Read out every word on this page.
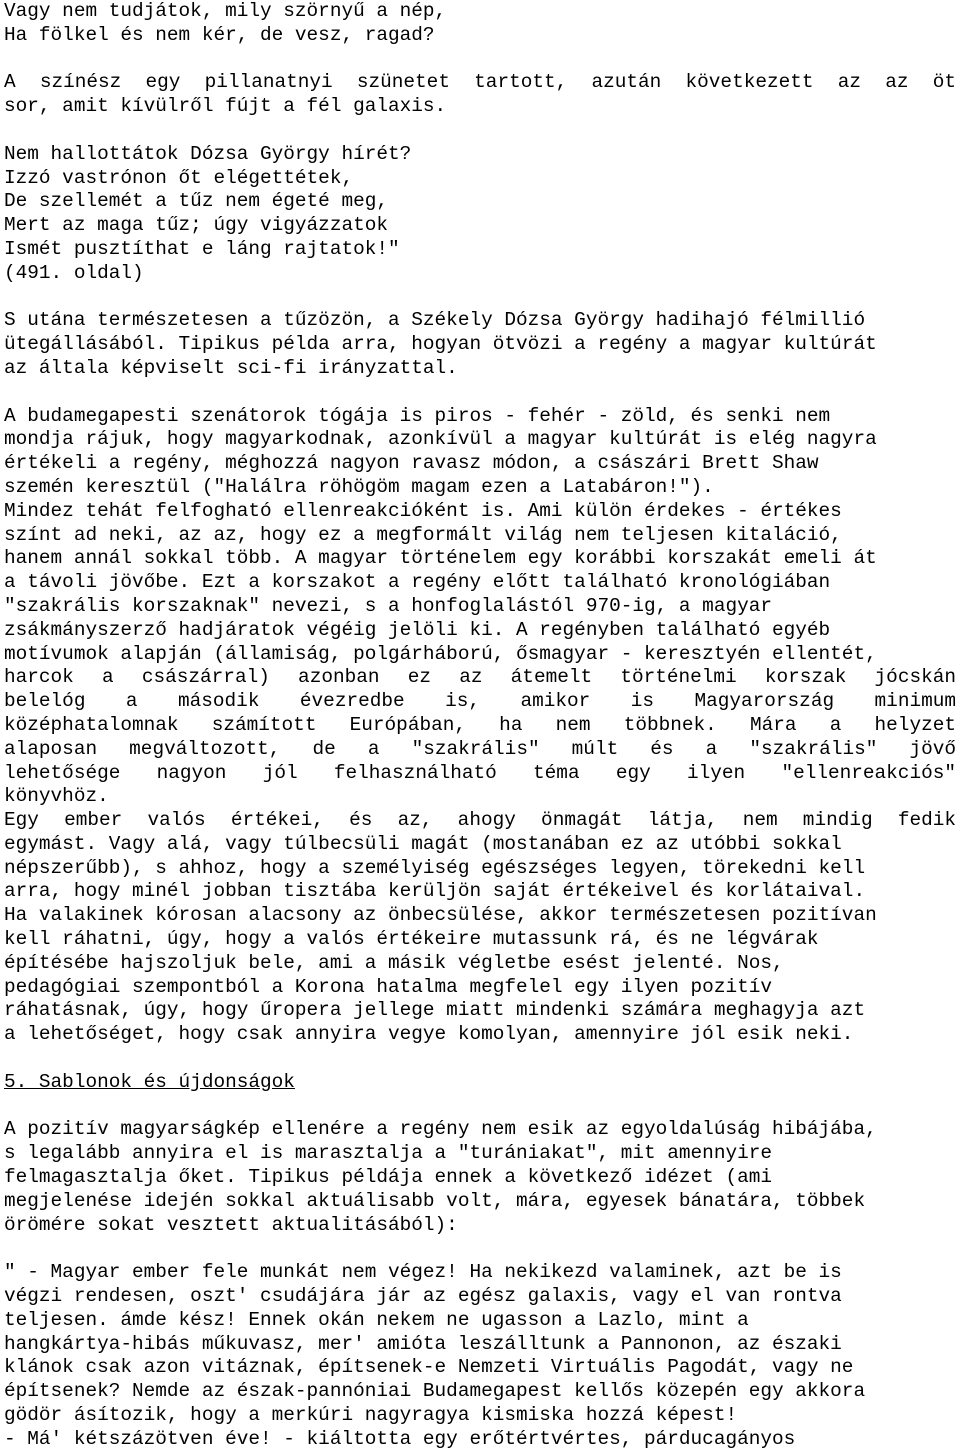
Vagy nem tudjátok, mily szörnyű a nép,
Ha fölkel és nem kér, de vesz, ragad?
A színész egy pillanatnyi szünetet tartott, azután következett az az öt
sor, amit kívülről fújt a fél galaxis.
Nem hallottátok Dózsa György hírét?
Izzó vastrónon őt elégettétek,
De szellemét a tűz nem égeté meg,
Mert az maga tűz; úgy vigyázzatok
Ismét pusztíthat e láng rajtatok!"
(491. oldal)
S utána természetesen a tűzözön, a Székely Dózsa György hadihajó félmillió
ütegállásából. Tipikus példa arra, hogyan ötvözi a regény a magyar kultúrát
az általa képviselt sci-fi irányzattal.
A budamegapesti szenátorok tógája is piros - fehér - zöld, és senki nem
mondja rájuk, hogy magyarkodnak, azonkívül a magyar kultúrát is elég nagyra
értékeli a regény, méghozzá nagyon ravasz módon, a császári Brett Shaw
szemén keresztül ("Halálra röhögöm magam ezen a Latabáron!").
Mindez tehát felfogható ellenreakcióként is. Ami külön érdekes - értékes
színt ad neki, az az, hogy ez a megformált világ nem teljesen kitaláció,
hanem annál sokkal több. A magyar történelem egy korábbi korszakát emeli át
a távoli jövőbe. Ezt a korszakot a regény előtt található kronológiában
"szakrális korszaknak" nevezi, s a honfoglalástól 970-ig, a magyar
zsákmányszerző hadjáratok végéig jelöli ki. A regényben található egyéb
motívumok alapján (államiság, polgárháború, ősmagyar - keresztyén ellentét,
harcok a császárral) azonban ez az átemelt történelmi korszak jócskán
belelóg a második évezredbe is, amikor is Magyarország minimum
középhatalomnak számított Európában, ha nem többnek. Mára a helyzet
alaposan megváltozott, de a "szakrális" múlt és a "szakrális" jövő
lehetősége nagyon jól felhasználható téma egy ilyen "ellenreakciós"
könyvhöz.
Egy ember valós értékei, és az, ahogy önmagát látja, nem mindig fedik
egymást. Vagy alá, vagy túlbecsüli magát (mostanában ez az utóbbi sokkal
népszerűbb), s ahhoz, hogy a személyiség egészséges legyen, törekedni kell
arra, hogy minél jobban tisztába kerüljön saját értékeivel és korlátaival.
Ha valakinek kórosan alacsony az önbecsülése, akkor természetesen pozitívan
kell ráhatni, úgy, hogy a valós értékeire mutassunk rá, és ne légvárak
építésébe hajszoljuk bele, ami a másik végletbe esést jelenté. Nos,
pedagógiai szempontból a Korona hatalma megfelel egy ilyen pozitív
ráhatásnak, úgy, hogy űropera jellege miatt mindenki számára meghagyja azt
a lehetőséget, hogy csak annyira vegye komolyan, amennyire jól esik neki.
5. Sablonok és újdonságok
A pozitív magyarságkép ellenére a regény nem esik az egyoldalúság hibájába,
s legalább annyira el is marasztalja a "turániakat", mit amennyire
felmagasztalja őket. Tipikus példája ennek a következő idézet (ami
megjelenése idején sokkal aktuálisabb volt, mára, egyesek bánatára, többek
örömére sokat vesztett aktualitásából):
" - Magyar ember fele munkát nem végez! Ha nekikezd valaminek, azt be is
végzi rendesen, oszt' csudájára jár az egész galaxis, vagy el van rontva
teljesen. ámde kész! Ennek okán nekem ne ugasson a Lazlo, mint a
hangkártya-hibás műkuvasz, mer' amióta leszálltunk a Pannonon, az északi
klánok csak azon vitáznak, építsenek-e Nemzeti Virtuális Pagodát, vagy ne
építsenek? Nemde az észak-pannóniai Budamegapest kellős közepén egy akkora
gödör ásítozik, hogy a merkúri nagyragya kismiska hozzá képest!
- Má' kétszázötven éve! - kiáltotta egy erőtértvértes, párducagányos
